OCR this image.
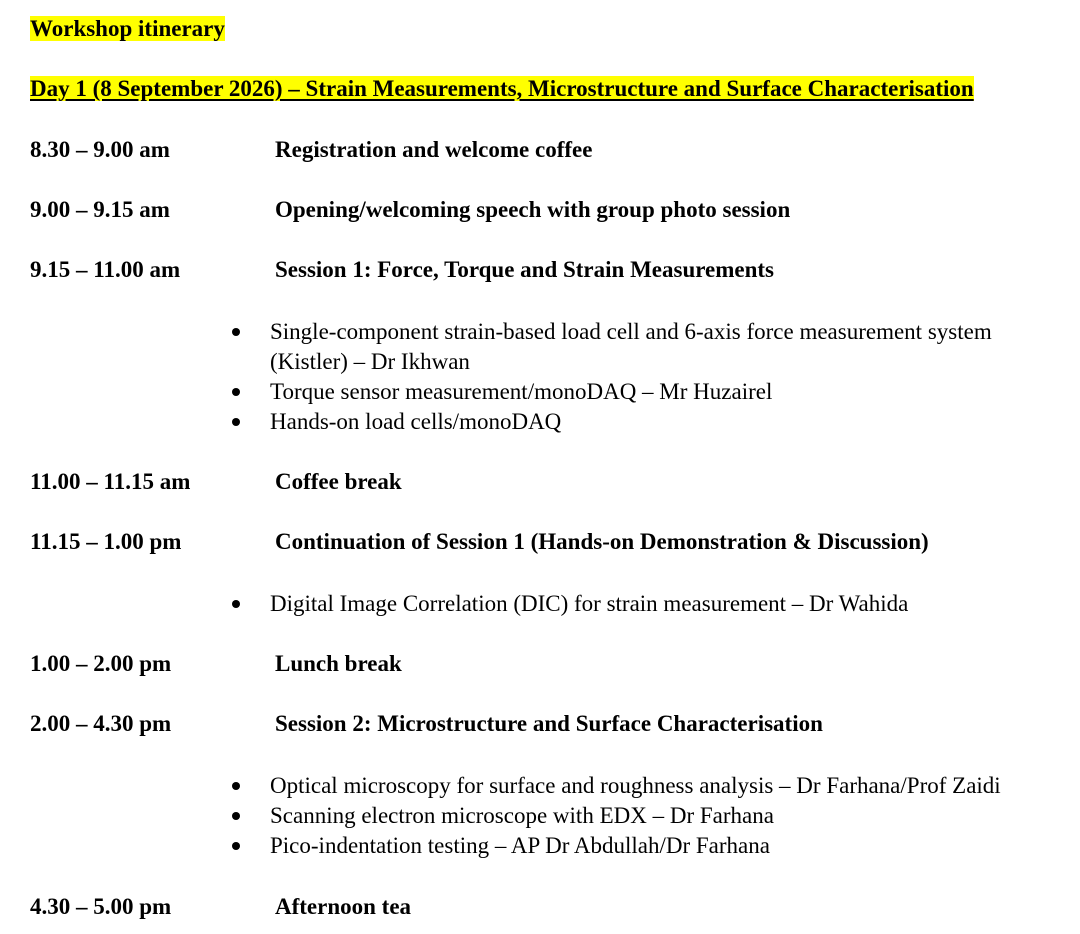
Workshop itinerary
Day 1 (8 September 2026) – Strain Measurements, Microstructure and Surface Characterisation
8.30 – 9.00 am	Registration and welcome coffee
9.00 – 9.15 am	Opening/welcoming speech with group photo session
9.15 – 11.00 am	Session 1: Force, Torque and Strain Measurements
Single-component strain-based load cell and 6-axis force measurement system (Kistler) – Dr Ikhwan
Torque sensor measurement/monoDAQ – Mr Huzairel
Hands-on load cells/monoDAQ
11.00 – 11.15 am	Coffee break
11.15 – 1.00 pm	Continuation of Session 1 (Hands-on Demonstration & Discussion)
Digital Image Correlation (DIC) for strain measurement – Dr Wahida
1.00 – 2.00 pm	Lunch break
2.00 – 4.30 pm	Session 2: Microstructure and Surface Characterisation
Optical microscopy for surface and roughness analysis – Dr Farhana/Prof Zaidi
Scanning electron microscope with EDX – Dr Farhana
Pico-indentation testing – AP Dr Abdullah/Dr Farhana
4.30 – 5.00 pm	Afternoon tea
